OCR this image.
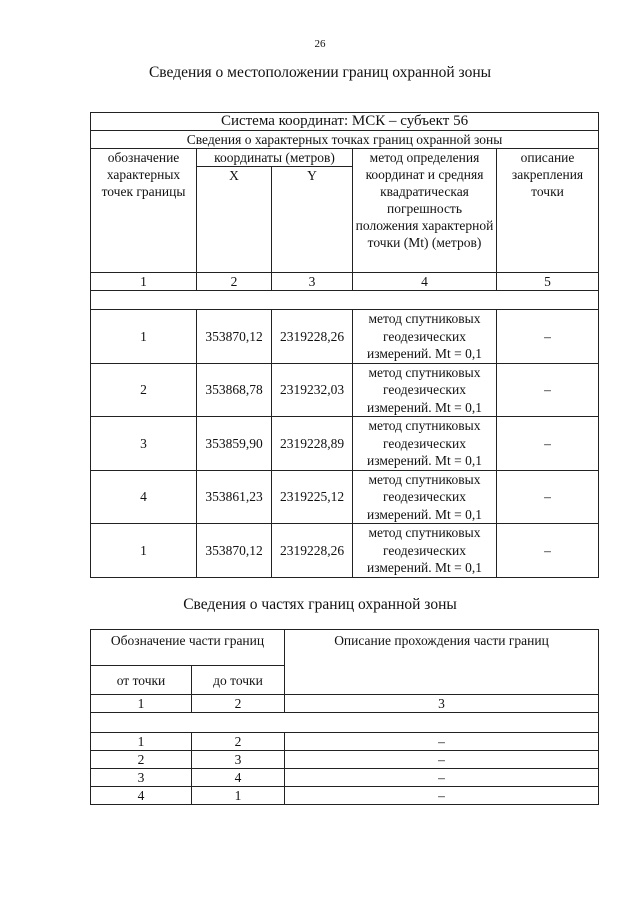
26
Сведения о местоположении границ охранной зоны
Система координат: МСК – субъект 56				
Сведения о характерных точках границ охранной зоны				
обозначение характерных точек границы	координаты (метров)		метод определения координат и средняя квадратическая погрешность положения характерной точки (Mt) (метров)	описание закрепления точки
	X	Y		
1	2	3	4	5

1	353870,12	2319228,26	метод спутниковых геодезических измерений. Mt = 0,1	–
2	353868,78	2319232,03	метод спутниковых геодезических измерений. Mt = 0,1	–
3	353859,90	2319228,89	метод спутниковых геодезических измерений. Mt = 0,1	–
4	353861,23	2319225,12	метод спутниковых геодезических измерений. Mt = 0,1	–
1	353870,12	2319228,26	метод спутниковых геодезических измерений. Mt = 0,1	–
Сведения о частях границ охранной зоны
Обозначение части границ		Описание прохождения части границ
от точки	до точки	
1	2	3

1	2	–
2	3	–
3	4	–
4	1	–
